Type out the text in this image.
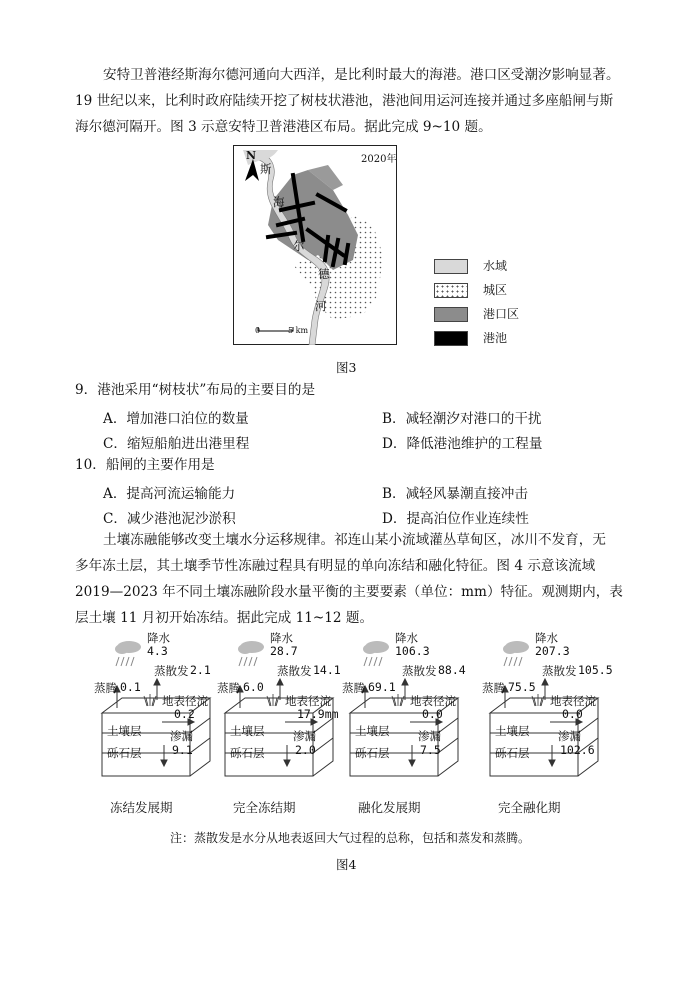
安特卫普港经斯海尔德河通向大西洋，是比利时最大的海港。港口区受潮汐影响显著。
19 世纪以来，比利时政府陆续开挖了树枝状港池，港池间用运河连接并通过多座船闸与斯
海尔德河隔开。图 3 示意安特卫普港港区布局。据此完成 9~10 题。
2020年
N
斯
海
尔
德
河
0	5 km
水域
城区
港口区
港池
图3
9．港池采用“树枝状”布局的主要目的是
A．增加港口泊位的数量	B．减轻潮汐对港口的干扰
C．缩短船舶进出港里程	D．降低港池维护的工程量
10．船闸的主要作用是
A．提高河流运输能力	B．减轻风暴潮直接冲击
C．减少港池泥沙淤积	D．提高泊位作业连续性
土壤冻融能够改变土壤水分运移规律。祁连山某小流域灌丛草甸区，冰川不发育，无
多年冻土层，其土壤季节性冻融过程具有明显的单向冻结和融化特征。图 4 示意该流域
2019—2023 年不同土壤冻融阶段水量平衡的主要要素（单位：mm）特征。观测期内，表
层土壤 11 月初开始冻结。据此完成 11~12 题。
降水
4.3
蒸散发 2.1
蒸腾 0.1
地表径流
0.2
土壤层 渗漏
砾石层	9.1
冻结发展期
降水
28.7
蒸散发 14.1
蒸腾 6.0
地表径流
17.9mm
土壤层 渗漏
砾石层	2.0
完全冻结期
降水
106.3
蒸散发 88.4
蒸腾 69.1
地表径流
0.0
土壤层 渗漏
砾石层	7.5
融化发展期
降水
207.3
蒸散发 105.5
蒸腾 75.5
地表径流
0.0
土壤层 渗漏
砾石层	102.6
完全融化期
注：蒸散发是水分从地表返回大气过程的总称，包括和蒸发和蒸腾。
图4
